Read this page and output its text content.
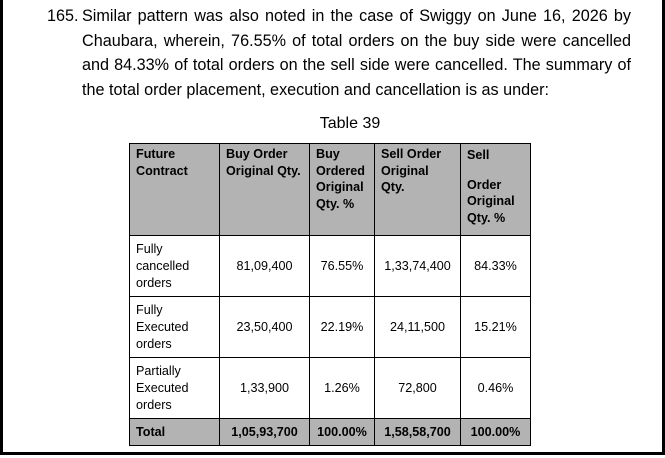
165. Similar pattern was also noted in the case of Swiggy on June 16, 2026 by Chaubara, wherein, 76.55% of total orders on the buy side were cancelled and 84.33% of total orders on the sell side were cancelled. The summary of the total order placement, execution and cancellation is as under:
Table 39
Future Contract	Buy Order Original Qty.	Buy Ordered Original Qty. %	Sell Order Original Qty.	Sell
Order Original Qty. %

Fully cancelled orders	81,09,400	76.55%	1,33,74,400	84.33%
Fully Executed orders	23,50,400	22.19%	24,11,500	15.21%
Partially Executed orders	1,33,900	1.26%	72,800	0.46%
Total	1,05,93,700	100.00%	1,58,58,700	100.00%
